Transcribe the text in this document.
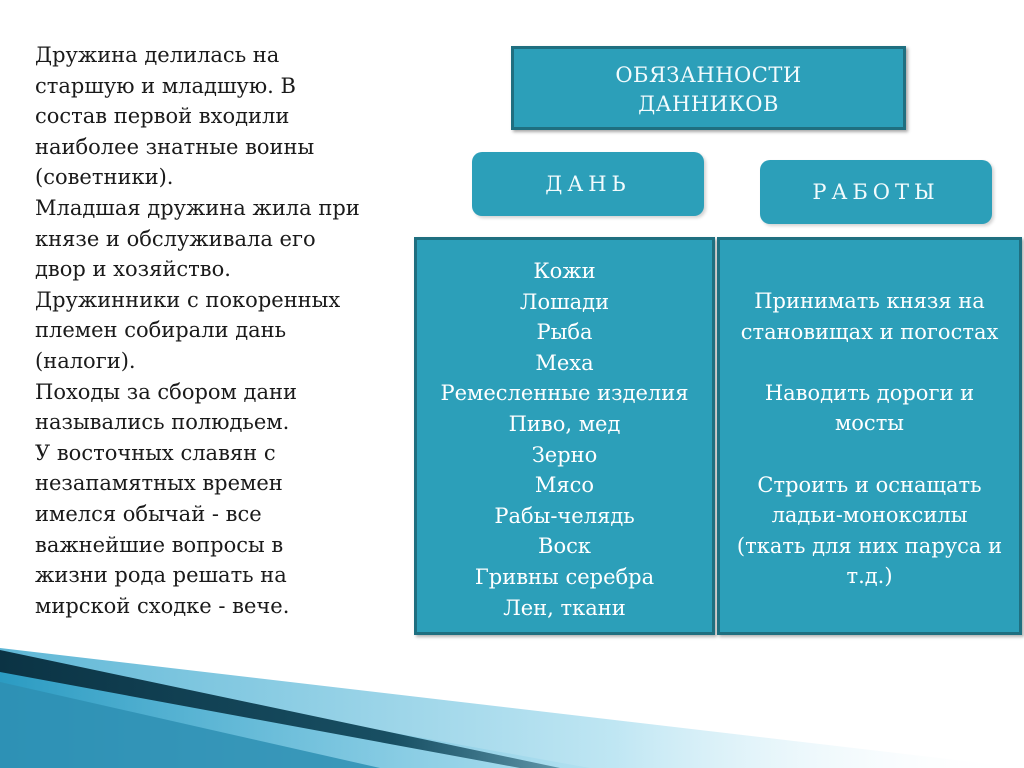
Дружина делилась на

старшую и младшую. В

состав первой входили

наиболее знатные воины

(советники).

Младшая дружина жила при

князе и обслуживала его

двор и хозяйство.

Дружинники с покоренных

племен собирали дань

(налоги).

Походы за сбором дани

назывались полюдьем.

У восточных славян с

незапамятных времен

имелся обычай - все

важнейшие вопросы в

жизни рода решать на

мирской сходке - вече.

ОБЯЗАННОСТИ
ДАННИКОВ
ДАНЬ	РАБОТЫ
Кожи
Лошади
Рыба
Меха
Ремесленные изделия
Пиво, мед
Зерно
Мясо
Рабы-челядь
Воск
Гривны серебра
Лен, ткани
Принимать князя на
становищах и погостах
Наводить дороги и
мосты
Строить и оснащать
ладьи-моноксилы
(ткать для них паруса и
т.д.)
